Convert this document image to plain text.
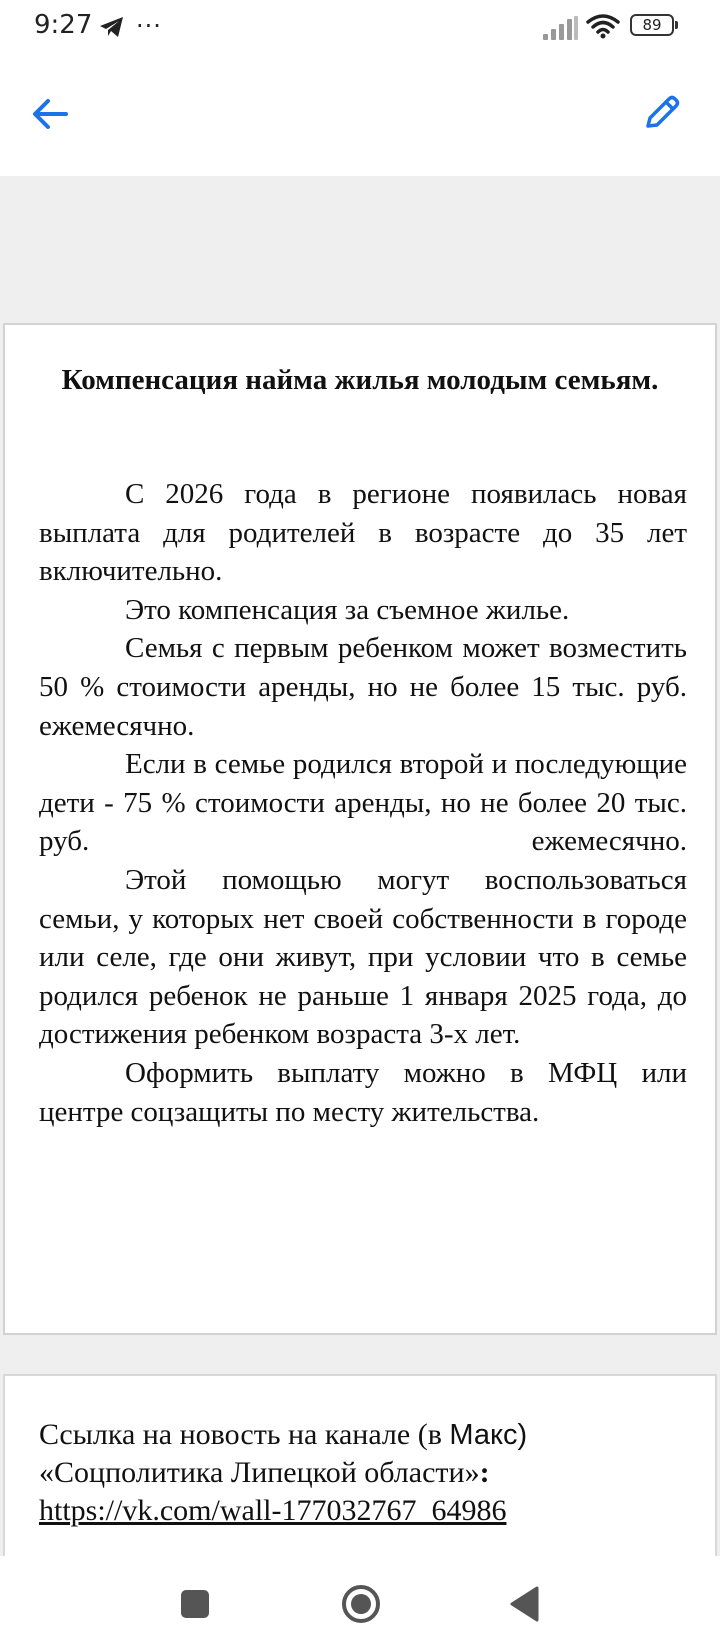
9:27 ···	89
Компенсация найма жилья молодым семьям.

С 2026 года в регионе появилась новая выплата для родителей в возрасте до 35 лет включительно.

Это компенсация за съемное жилье.

Семья с первым ребенком может возместить 50 % стоимости аренды, но не более 15 тыс. руб. ежемесячно.

Если в семье родился второй и последующие дети - 75 % стоимости аренды, но не более 20 тыс. руб. ежемесячно.

Этой помощью могут воспользоваться семьи, у которых нет своей собственности в городе или селе, где они живут, при условии что в семье родился ребенок не раньше 1 января 2025 года, до достижения ребенком возраста 3-х лет.

Оформить выплату можно в МФЦ или центре соцзащиты по месту жительства.

Ссылка на новость на канале (в Макс)
«Соцполитика Липецкой области»:
https://vk.com/wall-177032767_64986
